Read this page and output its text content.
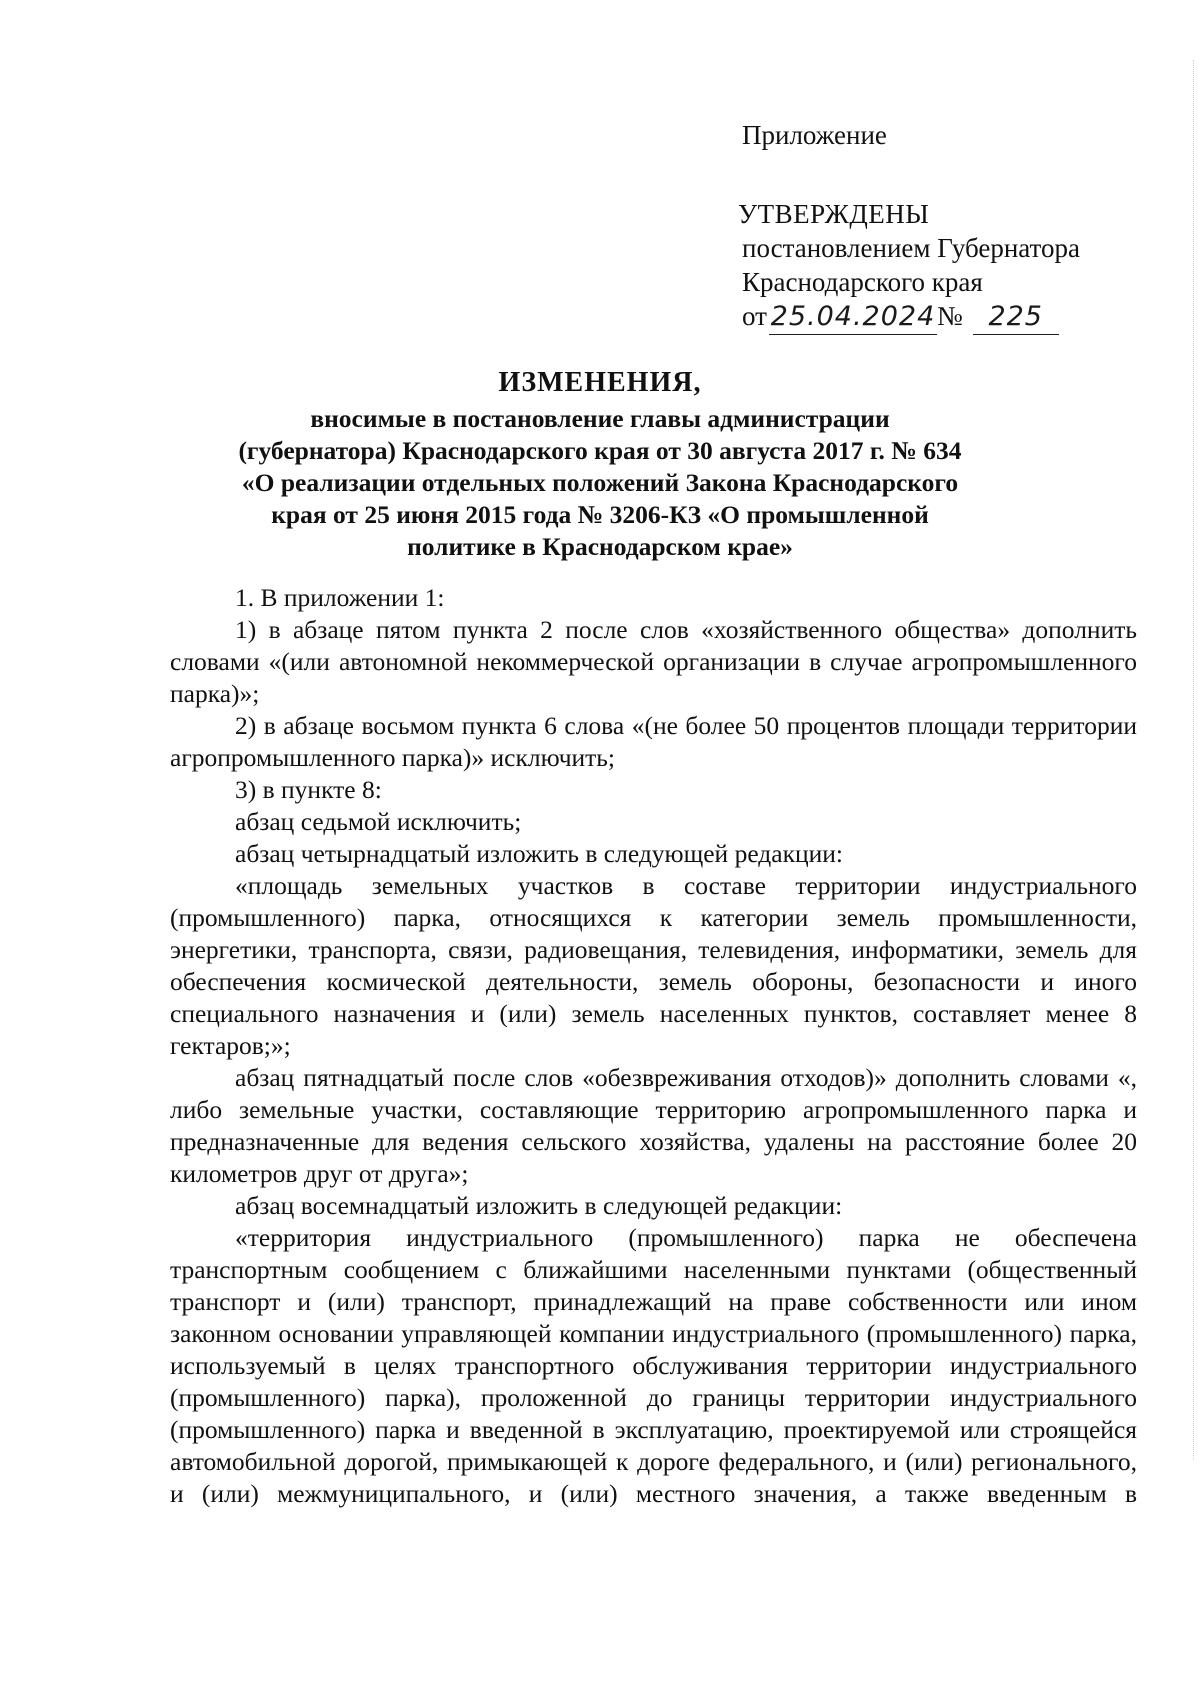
Приложение
УТВЕРЖДЕНЫ
постановлением Губернатора
Краснодарского края
от 25.04.2024№ 225
ИЗМЕНЕНИЯ,
вносимые в постановление главы администрации
(губернатора) Краснодарского края от 30 августа 2017 г. № 634
«О реализации отдельных положений Закона Краснодарского
края от 25 июня 2015 года № 3206-КЗ «О промышленной
политике в Краснодарском крае»

1. В приложении 1:

1) в абзаце пятом пункта 2 после слов «хозяйственного общества» дополнить словами «(или автономной некоммерческой организации в случае агропромышленного парка)»;

2) в абзаце восьмом пункта 6 слова «(не более 50 процентов площади территории агропромышленного парка)» исключить;

3) в пункте 8:

абзац седьмой исключить;

абзац четырнадцатый изложить в следующей редакции:

«площадь земельных участков в составе территории индустриального (промышленного) парка, относящихся к категории земель промышленности, энергетики, транспорта, связи, радиовещания, телевидения, информатики, земель для обеспечения космической деятельности, земель обороны, безопасности и иного специального назначения и (или) земель населенных пунктов, составляет менее 8 гектаров;»;

абзац пятнадцатый после слов «обезвреживания отходов)» дополнить словами «, либо земельные участки, составляющие территорию агропромышленного парка и предназначенные для ведения сельского хозяйства, удалены на расстояние более 20 километров друг от друга»;

абзац восемнадцатый изложить в следующей редакции:

«территория индустриального (промышленного) парка не обеспечена транспортным сообщением с ближайшими населенными пунктами (общественный транспорт и (или) транспорт, принадлежащий на праве собственности или ином законном основании управляющей компании индустриального (промышленного) парка, используемый в целях транспортного обслуживания территории индустриального (промышленного) парка), проложенной до границы территории индустриального (промышленного) парка и введенной в эксплуатацию, проектируемой или строящейся автомобильной дорогой, примыкающей к дороге федерального, и (или) регионального, и (или) межмуниципального, и (или) местного значения, а также введенным в
